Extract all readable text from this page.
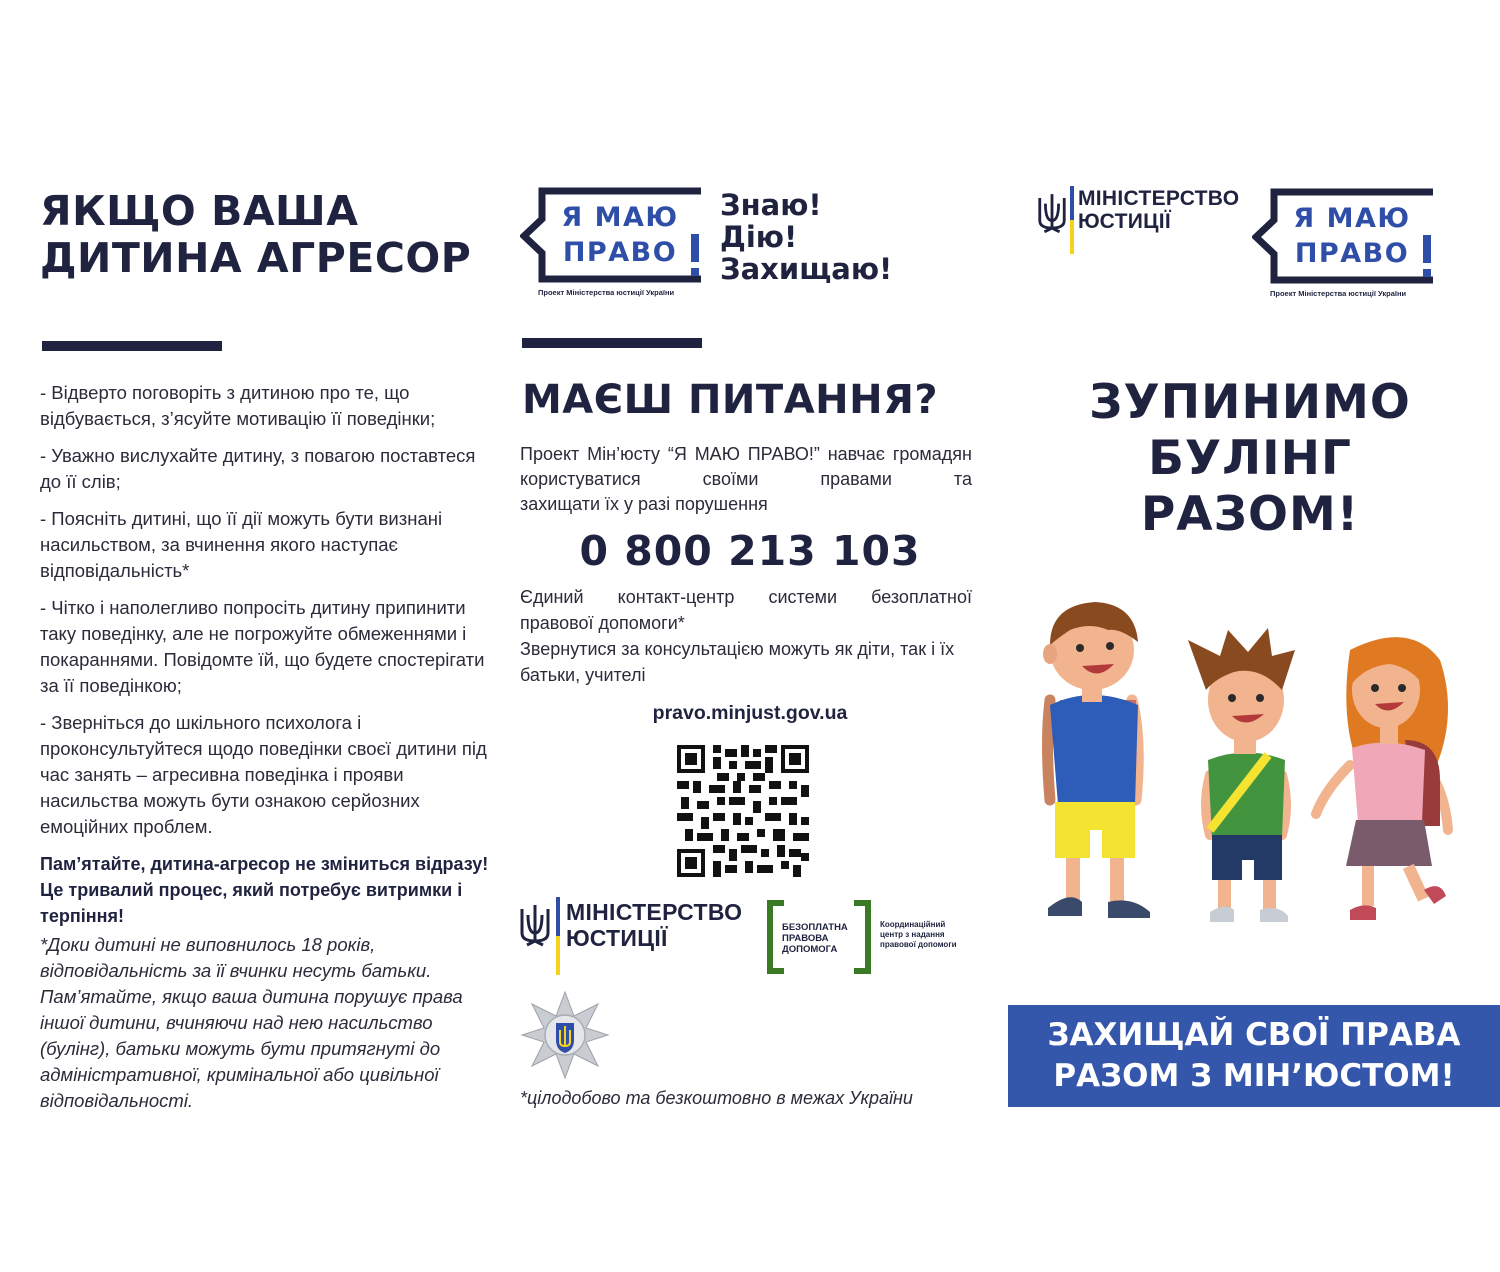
ЯКЩО ВАША
ДИТИНА АГРЕСОР

- Відверто поговоріть з дитиною про те, що відбувається, з’ясуйте мотивацію її поведінки;

- Уважно вислухайте дитину, з повагою поставтеся до її слів;

- Поясніть дитині, що її дії можуть бути визнані насильством, за вчинення якого наступає відповідальність*

- Чітко і наполегливо попросіть дитину припинити таку поведінку, але не погрожуйте обмеженнями і покараннями. Повідомте їй, що будете спостерігати за її поведінкою;

- Зверніться до шкільного психолога і проконсультуйтеся щодо поведінки своєї дитини під час занять – агресивна поведінка і прояви насильства можуть бути ознакою серйозних емоційних проблем.

Пам’ятайте, дитина-агресор не зміниться відразу! Це тривалий процес, який потребує витримки і терпіння!

*Доки дитині не виповнилось 18 років, відповідальність за її вчинки несуть батьки. Пам’ятайте, якщо ваша дитина порушує права іншої дитини, вчиняючи над нею насильство (булінг), батьки можуть бути притягнуті до адміністративної, кримінальної або цивільної відповідальності.

Я МАЮ
ПРАВО
Проект Міністерства юстиції України
Знаю!
Дію!
Захищаю!
МАЄШ ПИТАННЯ?
Проект Мін’юсту “Я МАЮ ПРАВО!” навчає громадян користуватися своїми правами та
захищати їх у разі порушення
0 800 213 103
Єдиний контакт-центр системи безоплатної
правової допомоги*
Звернутися за консультацією можуть як діти, так і їх батьки, учителі
pravo.minjust.gov.ua
МІНІСТЕРСТВО
ЮСТИЦІЇ	БЕЗОПЛАТНА
ПРАВОВА
ДОПОМОГА
Координаційний
центр з надання
правової допомоги
*цілодобово та безкоштовно в межах України
МІНІСТЕРСТВО
ЮСТИЦІЇ	Я МАЮ
ПРАВО
Проект Міністерства юстиції України
ЗУПИНИМО
БУЛІНГ
РАЗОМ!
ЗАХИЩАЙ СВОЇ ПРАВА
РАЗОМ З МІН’ЮСТОМ!
